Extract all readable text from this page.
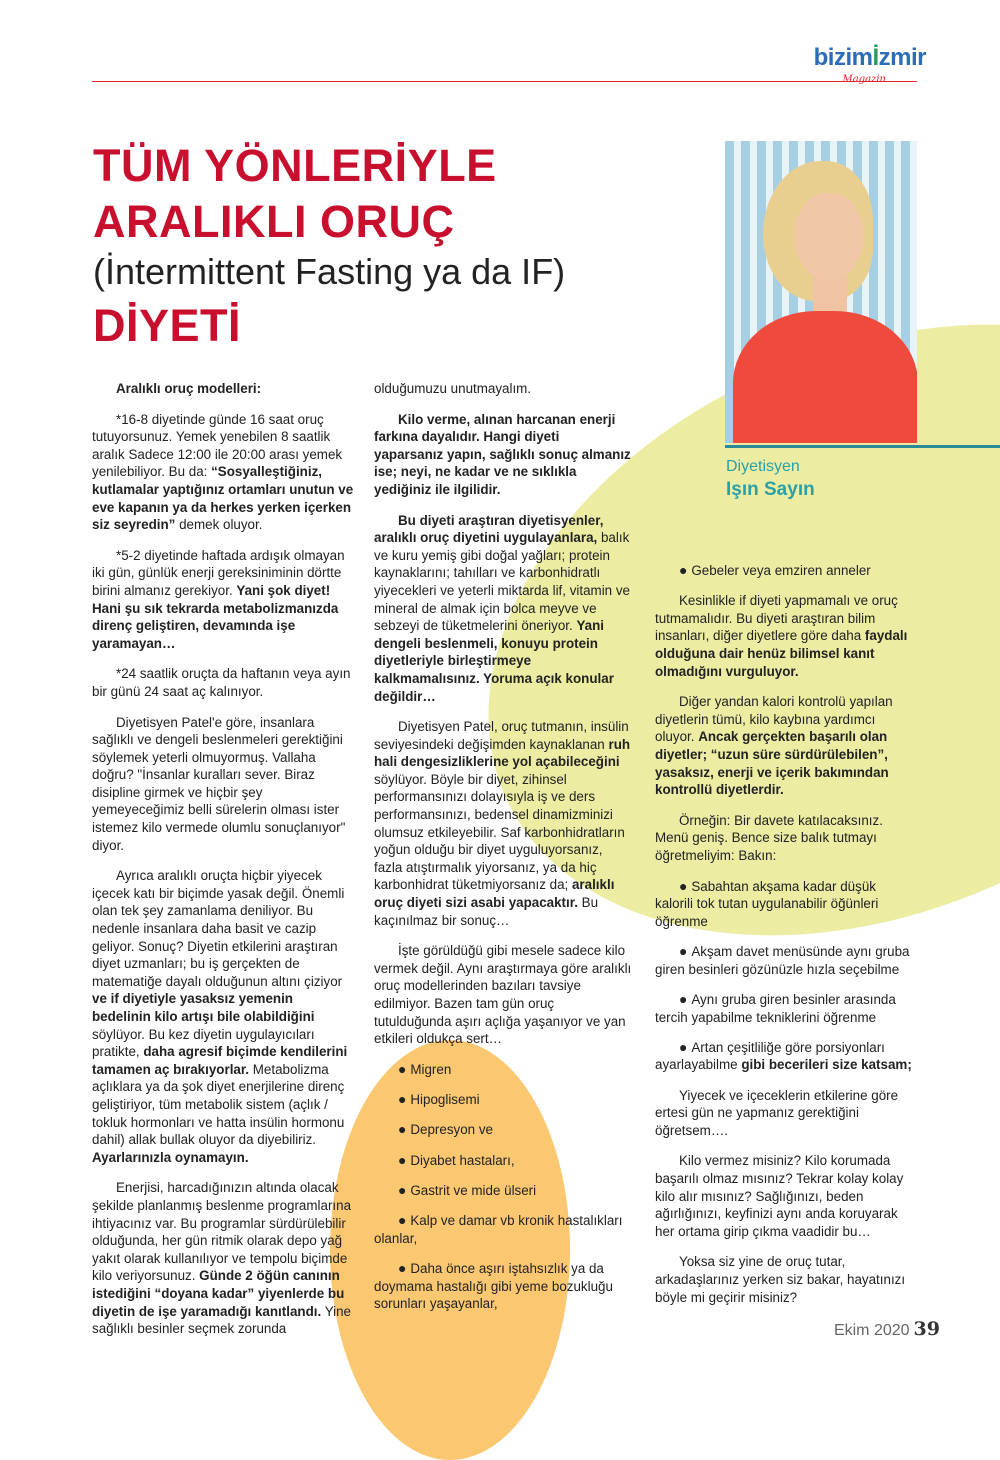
bizimİzmir
Magazin
TÜM YÖNLERİYLE
ARALIKLI ORUÇ
(İntermittent Fasting ya da IF)
DİYETİ
Diyetisyen
Işın Sayın

Aralıklı oruç modelleri:

*16-8 diyetinde günde 16 saat oruç tutuyorsunuz. Yemek yenebilen 8 saatlik aralık Sadece 12:00 ile 20:00 arası yemek yenilebiliyor. Bu da: “Sosyalleştiğiniz, kutlamalar yaptığınız ortamları unutun ve eve kapanın ya da herkes yerken içerken siz seyredin” demek oluyor.

*5-2 diyetinde haftada ardışık olmayan iki gün, günlük enerji gereksiniminin dörtte birini almanız gerekiyor. Yani şok diyet! Hani şu sık tekrarda metabolizmanızda direnç geliştiren, devamında işe yaramayan…

*24 saatlik oruçta da haftanın veya ayın bir günü 24 saat aç kalınıyor.

Diyetisyen Patel'e göre, insanlara sağlıklı ve dengeli beslenmeleri gerektiğini söylemek yeterli olmuyormuş. Vallaha doğru? "İnsanlar kuralları sever. Biraz disipline girmek ve hiçbir şey yemeyeceğimiz belli sürelerin olması ister istemez kilo vermede olumlu sonuçlanıyor" diyor.

Ayrıca aralıklı oruçta hiçbir yiyecek içecek katı bir biçimde yasak değil. Önemli olan tek şey zamanlama deniliyor. Bu nedenle insanlara daha basit ve cazip geliyor. Sonuç? Diyetin etkilerini araştıran diyet uzmanları; bu iş gerçekten de matematiğe dayalı olduğunun altını çiziyor ve if diyetiyle yasaksız yemenin bedelinin kilo artışı bile olabildiğini söylüyor. Bu kez diyetin uygulayıcıları pratikte, daha agresif biçimde kendilerini tamamen aç bırakıyorlar. Metabolizma açlıklara ya da şok diyet enerjilerine direnç geliştiriyor, tüm metabolik sistem (açlık / tokluk hormonları ve hatta insülin hormonu dahil) allak bullak oluyor da diyebiliriz. Ayarlarınızla oynamayın.

Enerjisi, harcadığınızın altında olacak şekilde planlanmış beslenme programlarına ihtiyacınız var. Bu programlar sürdürülebilir olduğunda, her gün ritmik olarak depo yağ yakıt olarak kullanılıyor ve tempolu biçimde kilo veriyorsunuz. Günde 2 öğün canının istediğini “doyana kadar” yiyenlerde bu diyetin de işe yaramadığı kanıtlandı. Yine sağlıklı besinler seçmek zorunda

olduğumuzu unutmayalım.

Kilo verme, alınan harcanan enerji farkına dayalıdır. Hangi diyeti yaparsanız yapın, sağlıklı sonuç almanız ise; neyi, ne kadar ve ne sıklıkla yediğiniz ile ilgilidir.

Bu diyeti araştıran diyetisyenler, aralıklı oruç diyetini uygulayanlara, balık ve kuru yemiş gibi doğal yağları; protein kaynaklarını; tahılları ve karbonhidratlı yiyecekleri ve yeterli miktarda lif, vitamin ve mineral de almak için bolca meyve ve sebzeyi de tüketmelerini öneriyor. Yani dengeli beslenmeli, konuyu protein diyetleriyle birleştirmeye kalkmamalısınız. Yoruma açık konular değildir…

Diyetisyen Patel, oruç tutmanın, insülin seviyesindeki değişimden kaynaklanan ruh hali dengesizliklerine yol açabileceğini söylüyor. Böyle bir diyet, zihinsel performansınızı dolayısıyla iş ve ders performansınızı, bedensel dinamizminizi olumsuz etkileyebilir. Saf karbonhidratların yoğun olduğu bir diyet uyguluyorsanız, fazla atıştırmalık yiyorsanız, ya da hiç karbonhidrat tüketmiyorsanız da; aralıklı oruç diyeti sizi asabi yapacaktır. Bu kaçınılmaz bir sonuç…

İşte görüldüğü gibi mesele sadece kilo vermek değil. Aynı araştırmaya göre aralıklı oruç modellerinden bazıları tavsiye edilmiyor. Bazen tam gün oruç tutulduğunda aşırı açlığa yaşanıyor ve yan etkileri oldukça sert…

● Migren

● Hipoglisemi

● Depresyon ve

● Diyabet hastaları,

● Gastrit ve mide ülseri

● Kalp ve damar vb kronik hastalıkları olanlar,

● Daha önce aşırı iştahsızlık ya da doymama hastalığı gibi yeme bozukluğu sorunları yaşayanlar,

● Gebeler veya emziren anneler

Kesinlikle if diyeti yapmamalı ve oruç tutmamalıdır. Bu diyeti araştıran bilim insanları, diğer diyetlere göre daha faydalı olduğuna dair henüz bilimsel kanıt olmadığını vurguluyor.

Diğer yandan kalori kontrolü yapılan diyetlerin tümü, kilo kaybına yardımcı oluyor. Ancak gerçekten başarılı olan diyetler; “uzun süre sürdürülebilen”, yasaksız, enerji ve içerik bakımından kontrollü diyetlerdir.

Örneğin: Bir davete katılacaksınız. Menü geniş. Bence size balık tutmayı öğretmeliyim: Bakın:

● Sabahtan akşama kadar düşük kalorili tok tutan uygulanabilir öğünleri öğrenme

● Akşam davet menüsünde aynı gruba giren besinleri gözünüzle hızla seçebilme

● Aynı gruba giren besinler arasında tercih yapabilme tekniklerini öğrenme

● Artan çeşitliliğe göre porsiyonları ayarlayabilme gibi becerileri size katsam;

Yiyecek ve içeceklerin etkilerine göre ertesi gün ne yapmanız gerektiğini öğretsem….

Kilo vermez misiniz? Kilo korumada başarılı olmaz mısınız? Tekrar kolay kolay kilo alır mısınız? Sağlığınızı, beden ağırlığınızı, keyfinizi aynı anda koruyarak her ortama girip çıkma vaadidir bu…

Yoksa siz yine de oruç tutar, arkadaşlarınız yerken siz bakar, hayatınızı böyle mi geçirir misiniz?

Ekim 2020 39
